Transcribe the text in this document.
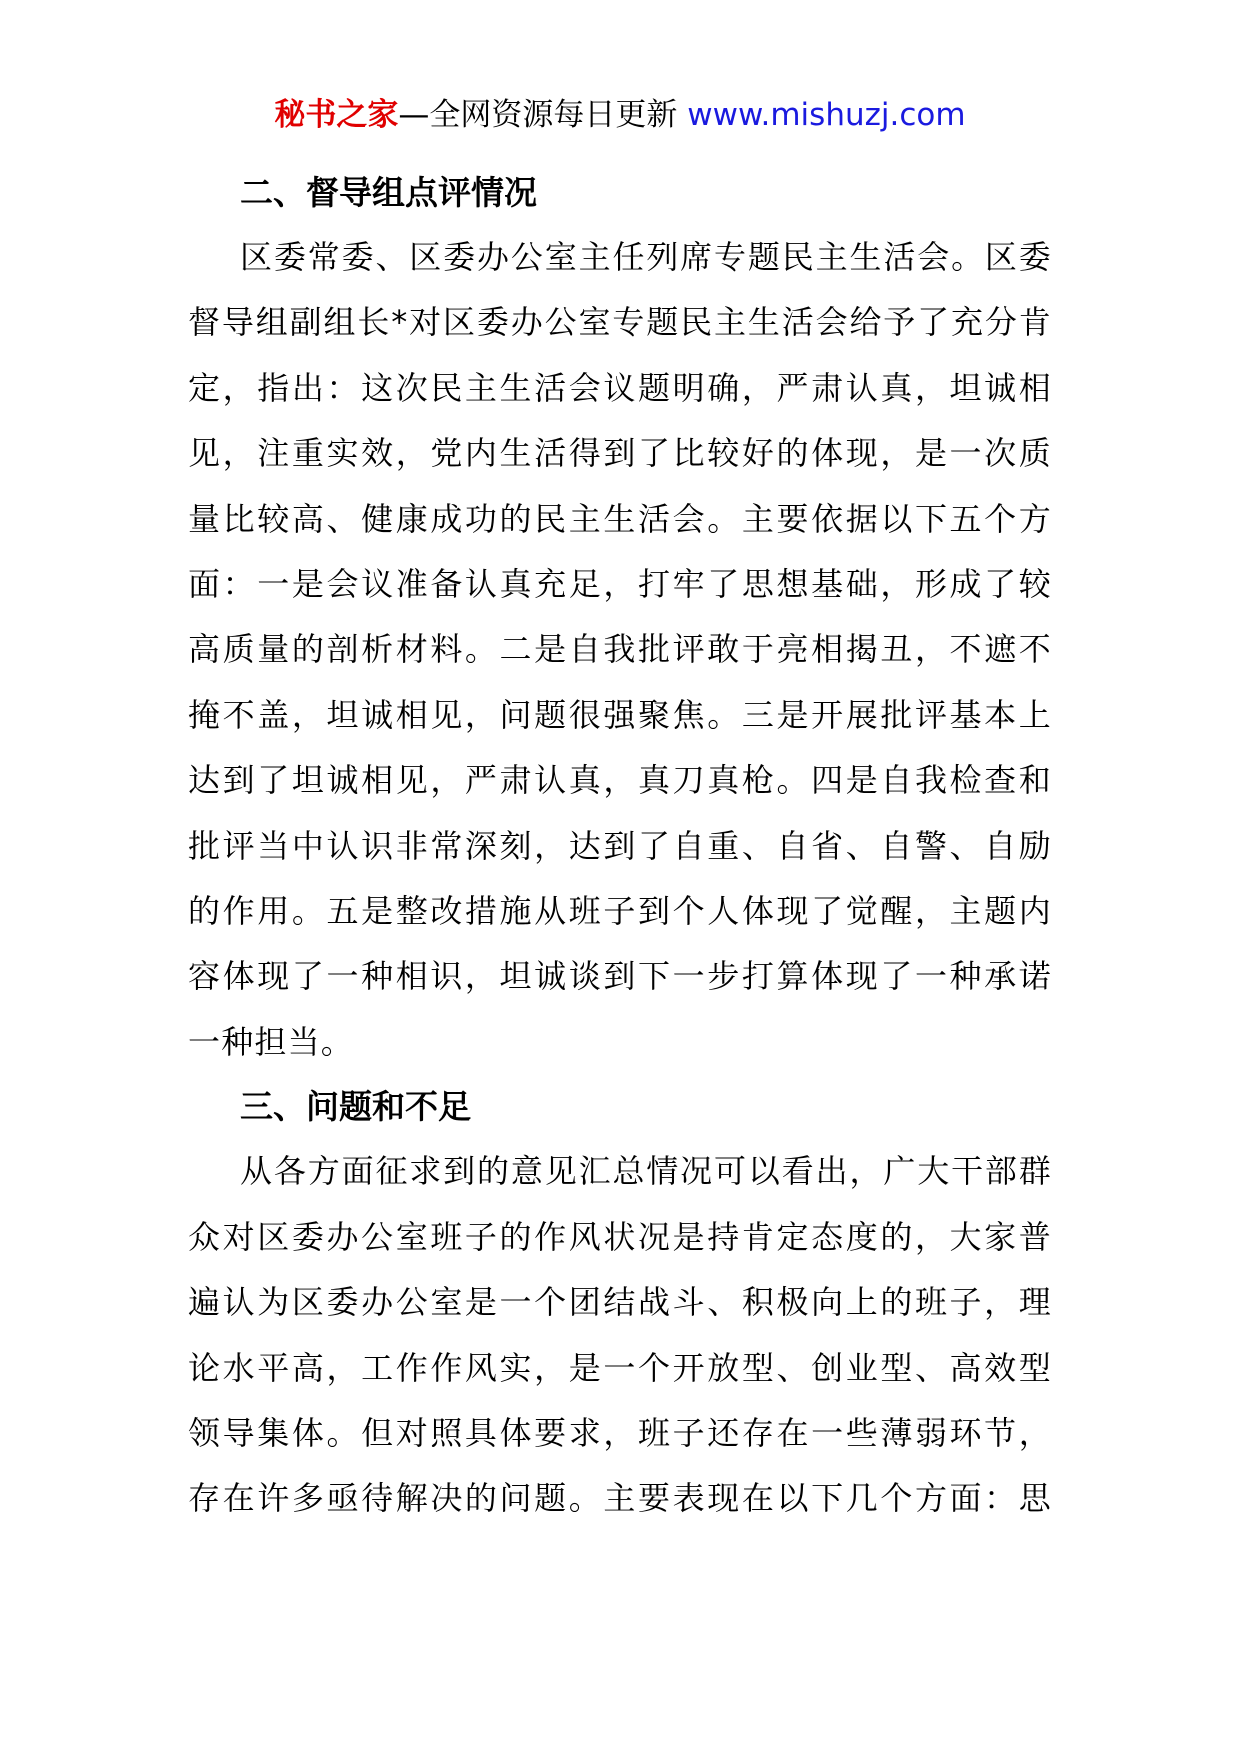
秘书之家—全网资源每日更新 www.mishuzj.com

二、督导组点评情况

区委常委、区委办公室主任列席专题民主生活会。区委
督导组副组长*对区委办公室专题民主生活会给予了充分肯
定，指出：这次民主生活会议题明确，严肃认真，坦诚相
见，注重实效，党内生活得到了比较好的体现，是一次质
量比较高、健康成功的民主生活会。主要依据以下五个方
面：一是会议准备认真充足，打牢了思想基础，形成了较
高质量的剖析材料。二是自我批评敢于亮相揭丑，不遮不
掩不盖，坦诚相见，问题很强聚焦。三是开展批评基本上
达到了坦诚相见，严肃认真，真刀真枪。四是自我检查和
批评当中认识非常深刻，达到了自重、自省、自警、自励
的作用。五是整改措施从班子到个人体现了觉醒，主题内
容体现了一种相识，坦诚谈到下一步打算体现了一种承诺
一种担当。

三、问题和不足

从各方面征求到的意见汇总情况可以看出，广大干部群
众对区委办公室班子的作风状况是持肯定态度的，大家普
遍认为区委办公室是一个团结战斗、积极向上的班子，理
论水平高，工作作风实，是一个开放型、创业型、高效型
领导集体。但对照具体要求，班子还存在一些薄弱环节，
存在许多亟待解决的问题。主要表现在以下几个方面：思
